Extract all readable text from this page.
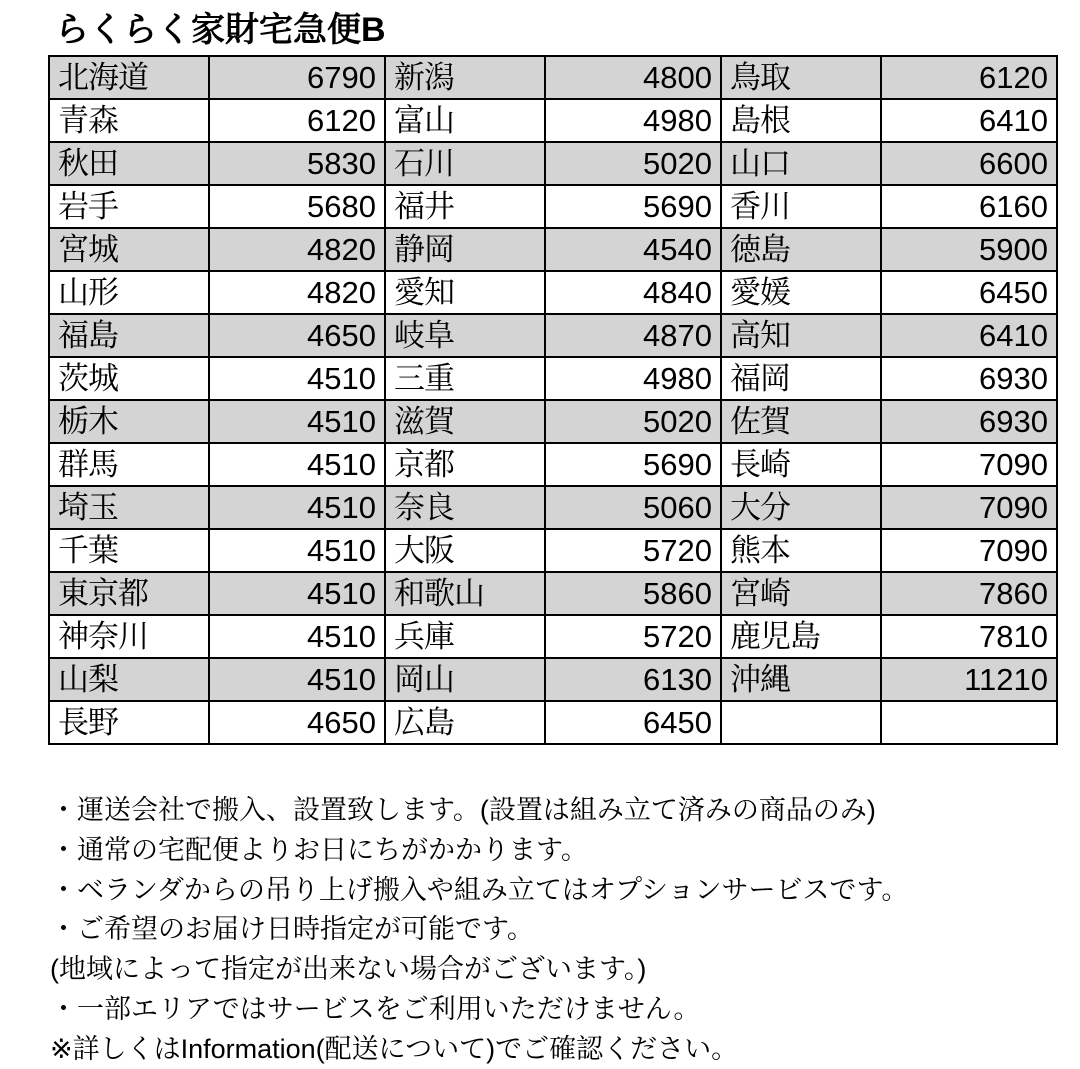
らくらく家財宅急便B
北海道	6790	新潟	4800	鳥取	6120
青森	6120	富山	4980	島根	6410
秋田	5830	石川	5020	山口	6600
岩手	5680	福井	5690	香川	6160
宮城	4820	静岡	4540	徳島	5900
山形	4820	愛知	4840	愛媛	6450
福島	4650	岐阜	4870	高知	6410
茨城	4510	三重	4980	福岡	6930
栃木	4510	滋賀	5020	佐賀	6930
群馬	4510	京都	5690	長崎	7090
埼玉	4510	奈良	5060	大分	7090
千葉	4510	大阪	5720	熊本	7090
東京都	4510	和歌山	5860	宮崎	7860
神奈川	4510	兵庫	5720	鹿児島	7810
山梨	4510	岡山	6130	沖縄	11210
長野	4650	広島	6450		
・運送会社で搬入、設置致します。(設置は組み立て済みの商品のみ)
・通常の宅配便よりお日にちがかかります。
・ベランダからの吊り上げ搬入や組み立てはオプションサービスです。
・ご希望のお届け日時指定が可能です。
(地域によって指定が出来ない場合がございます。)
・一部エリアではサービスをご利用いただけません。
※詳しくはInformation(配送について)でご確認ください。
